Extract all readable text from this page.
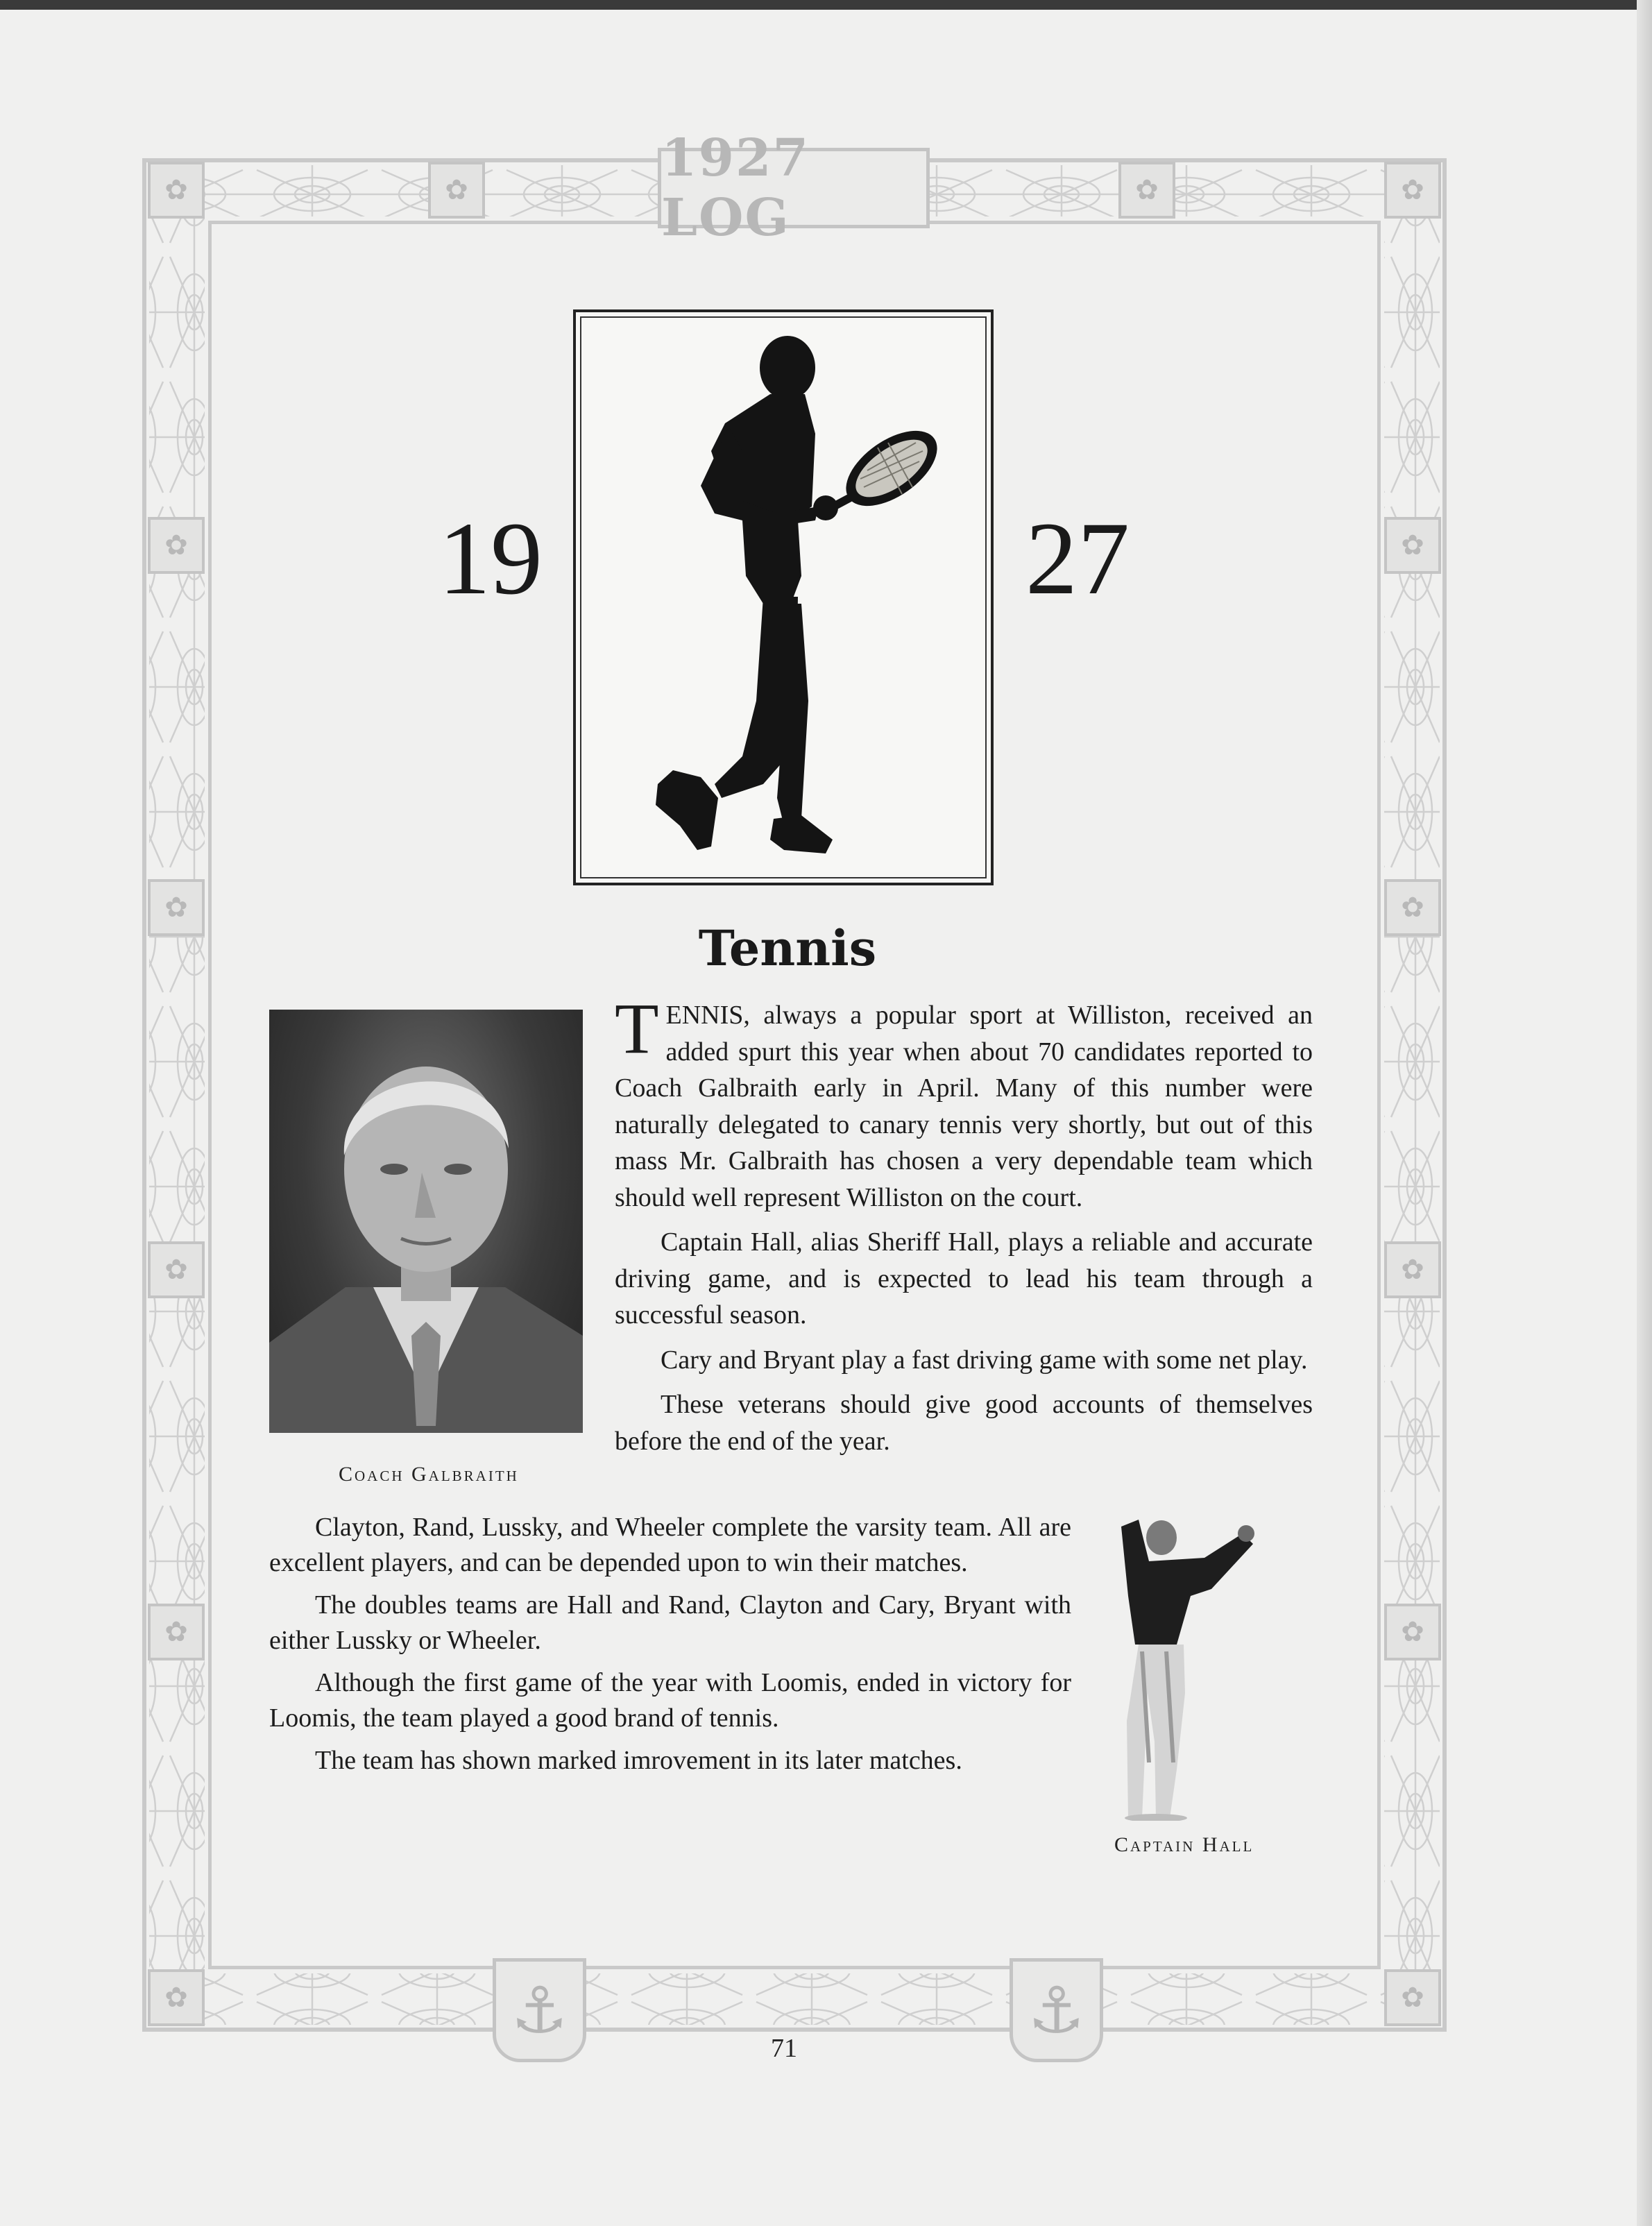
✿
✿
✿
✿
✿
✿
✿
✿
✿
✿
✿
✿
✿
✿
1927 LOG
⚓	⚓
19	27
Tennis
Coach Galbraith

TENNIS, always a popular sport at Williston, received an added spurt this year when about 70 candidates reported to Coach Galbraith early in April. Many of this number were naturally delegated to canary tennis very shortly, but out of this mass Mr. Galbraith has chosen a very dependable team which should well represent Williston on the court.

Captain Hall, alias Sheriff Hall, plays a reliable and accurate driving game, and is expected to lead his team through a successful season.

Cary and Bryant play a fast driving game with some net play.

These veterans should give good accounts of themselves before the end of the year.

Clayton, Rand, Lussky, and Wheeler complete the varsity team. All are excellent players, and can be depended upon to win their matches.

The doubles teams are Hall and Rand, Clayton and Cary, Bryant with either Lussky or Wheeler.

Although the first game of the year with Loomis, ended in victory for Loomis, the team played a good brand of tennis.

The team has shown marked imrovement in its later matches.

Captain Hall
71
